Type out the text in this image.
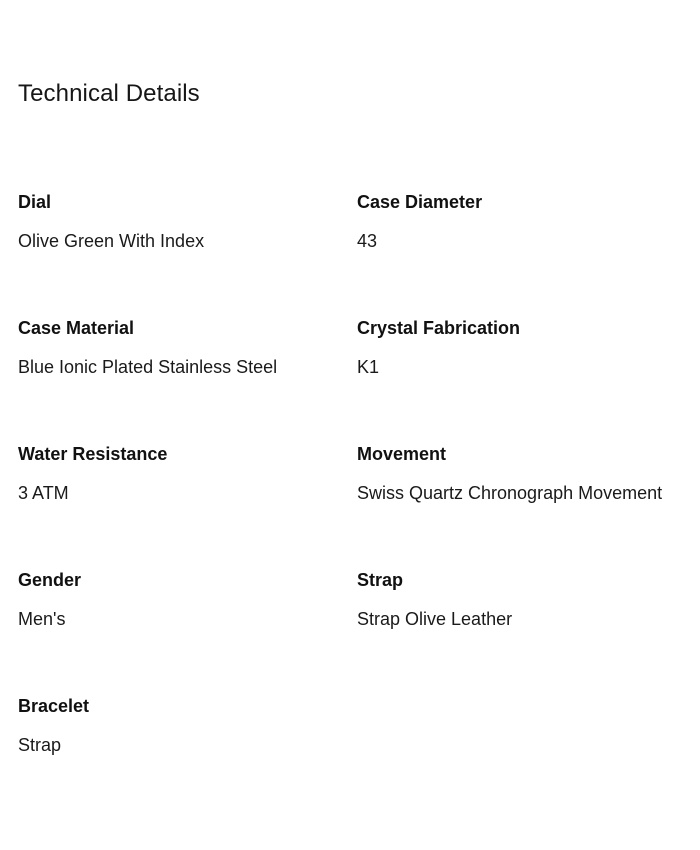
Technical Details
Dial
Olive Green With Index
Case Diameter
43
Case Material
Blue Ionic Plated Stainless Steel
Crystal Fabrication
K1
Water Resistance
3 ATM
Movement
Swiss Quartz Chronograph Movement
Gender
Men's
Strap
Strap Olive Leather
Bracelet
Strap
